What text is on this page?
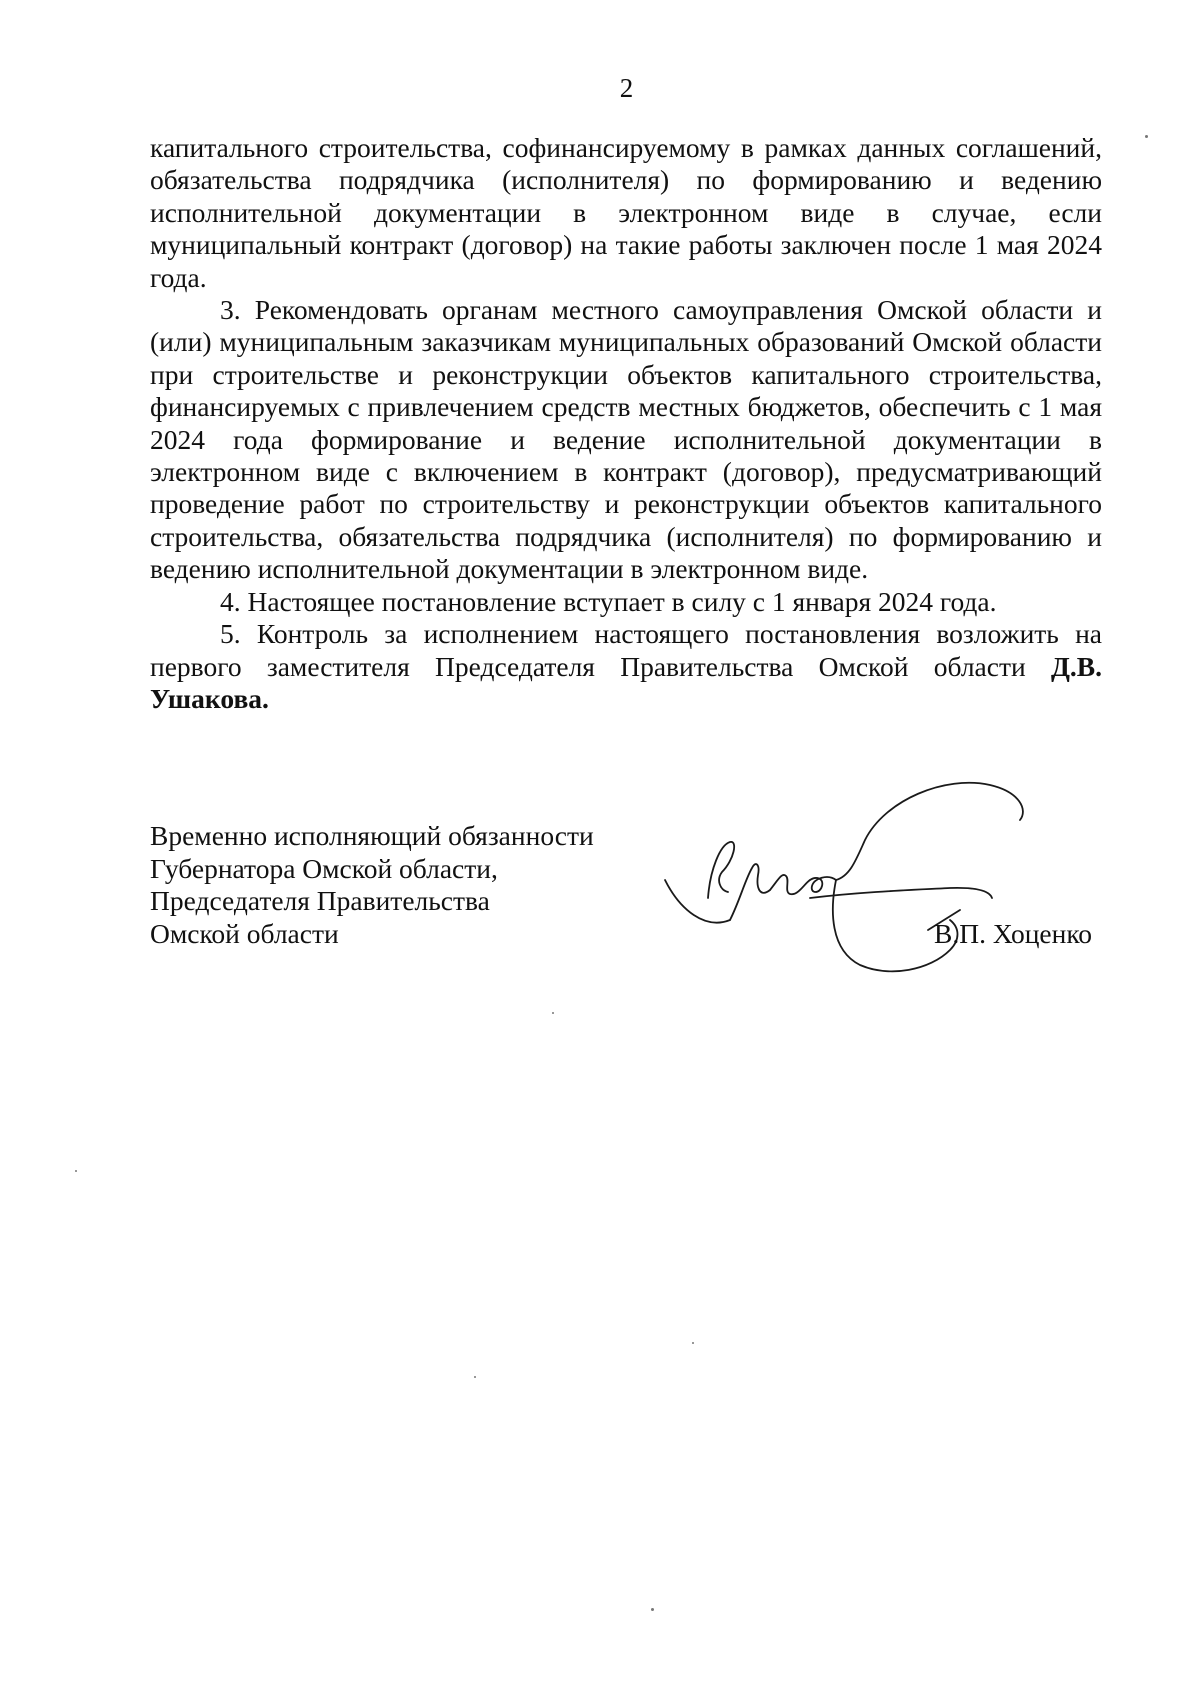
2

капитального строительства, софинансируемому в рамках данных соглашений, обязательства подрядчика (исполнителя) по формированию и ведению исполнительной документации в электронном виде в случае, если муниципальный контракт (договор) на такие работы заключен после 1 мая 2024 года.

3. Рекомендовать органам местного самоуправления Омской области и (или) муниципальным заказчикам муниципальных образований Омской области при строительстве и реконструкции объектов капитального строительства, финансируемых с привлечением средств местных бюджетов, обеспечить с 1 мая 2024 года формирование и ведение исполнительной документации в электронном виде с включением в контракт (договор), предусматривающий проведение работ по строительству и реконструкции объектов капитального строительства, обязательства подрядчика (исполнителя) по формированию и ведению исполнительной документации в электронном виде.

4. Настоящее постановление вступает в силу с 1 января 2024 года.

5. Контроль за исполнением настоящего постановления возложить на первого заместителя Председателя Правительства Омской области Д.В. Ушакова.

Временно исполняющий обязанности
Губернатора Омской области,
Председателя Правительства
Омской области	В.П. Хоценко
